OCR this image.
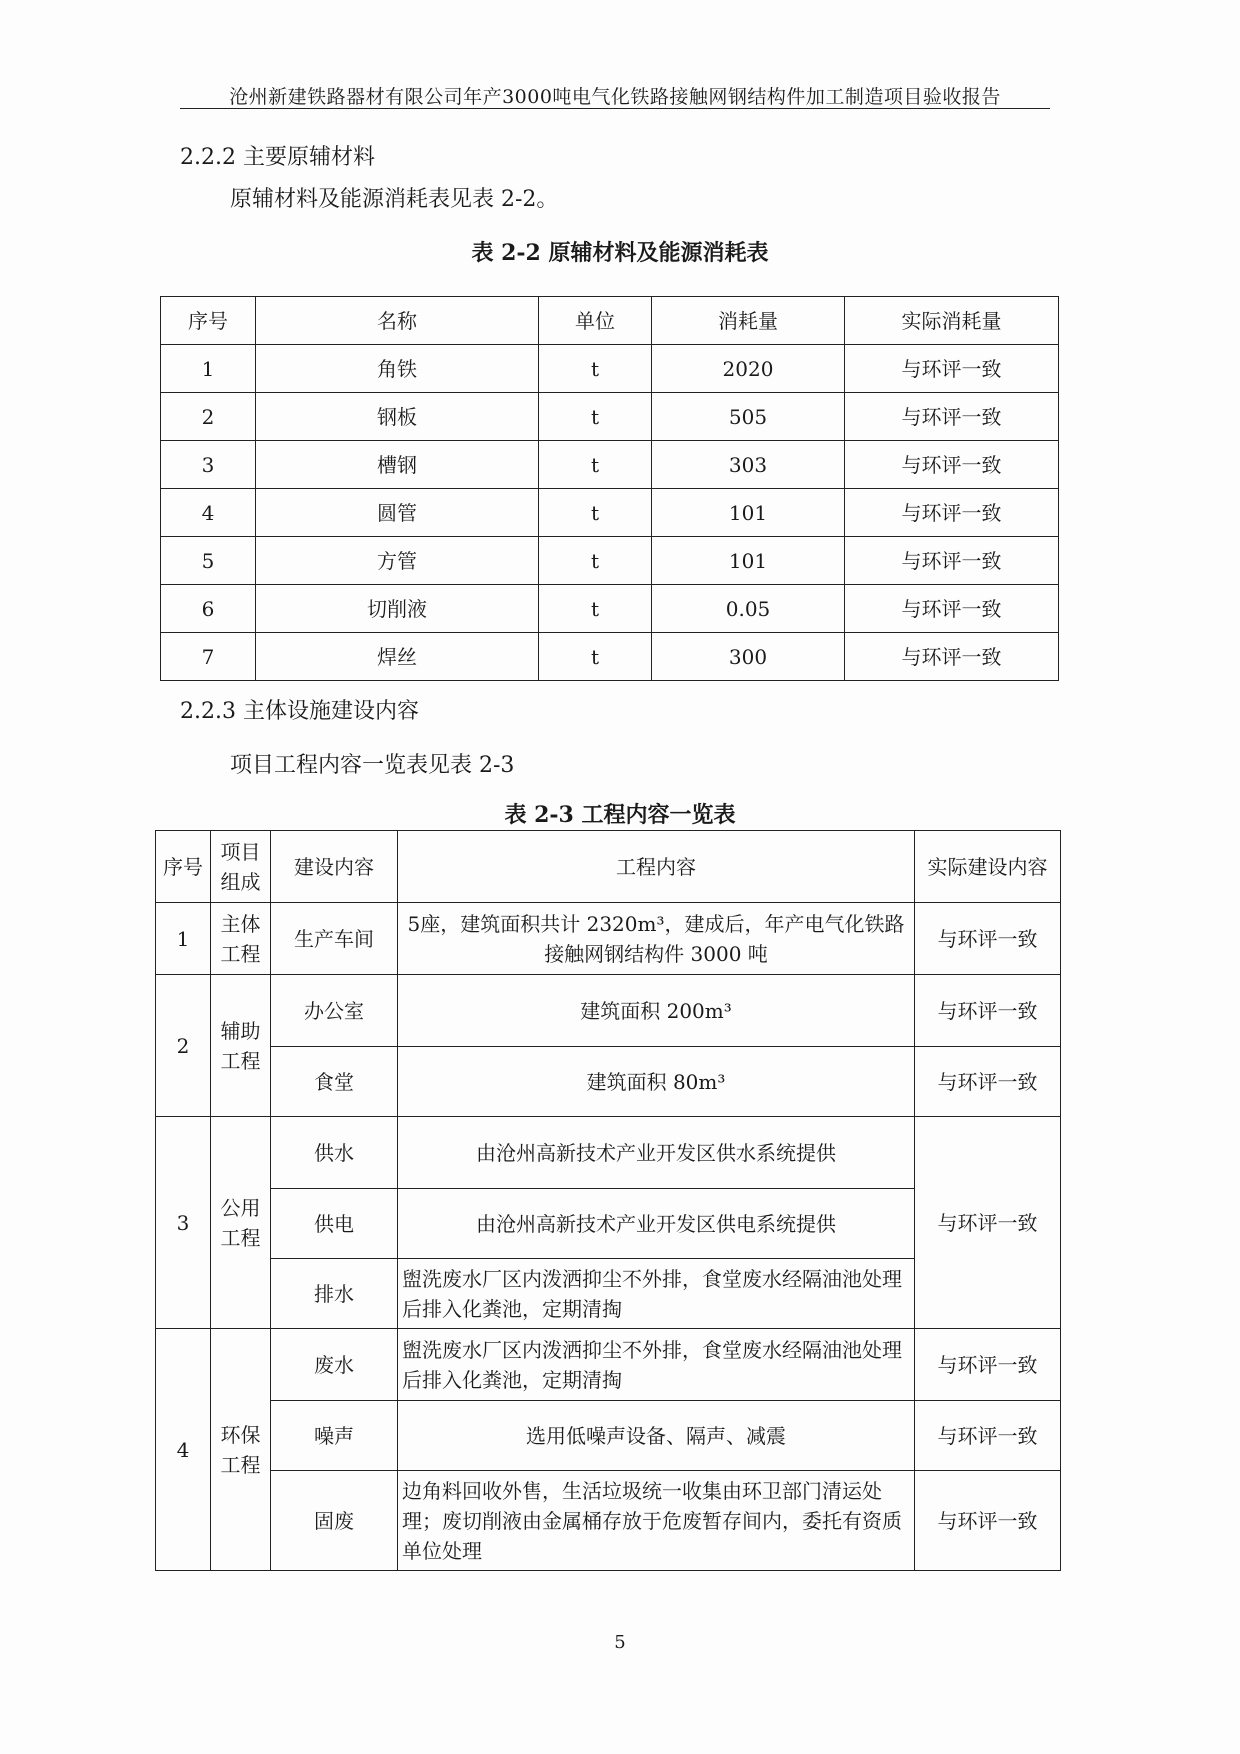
沧州新建铁路器材有限公司年产3000吨电气化铁路接触网钢结构件加工制造项目验收报告
2.2.2 主要原辅材料
原辅材料及能源消耗表见表 2-2。
表 2-2 原辅材料及能源消耗表
序号	名称	单位	消耗量	实际消耗量
1	角铁	t	2020	与环评一致
2	钢板	t	505	与环评一致
3	槽钢	t	303	与环评一致
4	圆管	t	101	与环评一致
5	方管	t	101	与环评一致
6	切削液	t	0.05	与环评一致
7	焊丝	t	300	与环评一致
2.2.3 主体设施建设内容
项目工程内容一览表见表 2-3
表 2-3 工程内容一览表
序号	项目组成	建设内容	工程内容	实际建设内容
1	主体工程	生产车间	5座，建筑面积共计 2320m³，建成后，年产电气化铁路接触网钢结构件 3000 吨	与环评一致
2	辅助工程	办公室	建筑面积 200m³	与环评一致
		食堂	建筑面积 80m³	与环评一致
3	公用工程	供水	由沧州高新技术产业开发区供水系统提供	与环评一致
		供电	由沧州高新技术产业开发区供电系统提供	
		排水	盥洗废水厂区内泼洒抑尘不外排，食堂废水经隔油池处理后排入化粪池，定期清掏	
4	环保工程	废水	盥洗废水厂区内泼洒抑尘不外排，食堂废水经隔油池处理后排入化粪池，定期清掏	与环评一致
		噪声	选用低噪声设备、隔声、减震	与环评一致
		固废	边角料回收外售，生活垃圾统一收集由环卫部门清运处理；废切削液由金属桶存放于危废暂存间内，委托有资质单位处理	与环评一致
5
